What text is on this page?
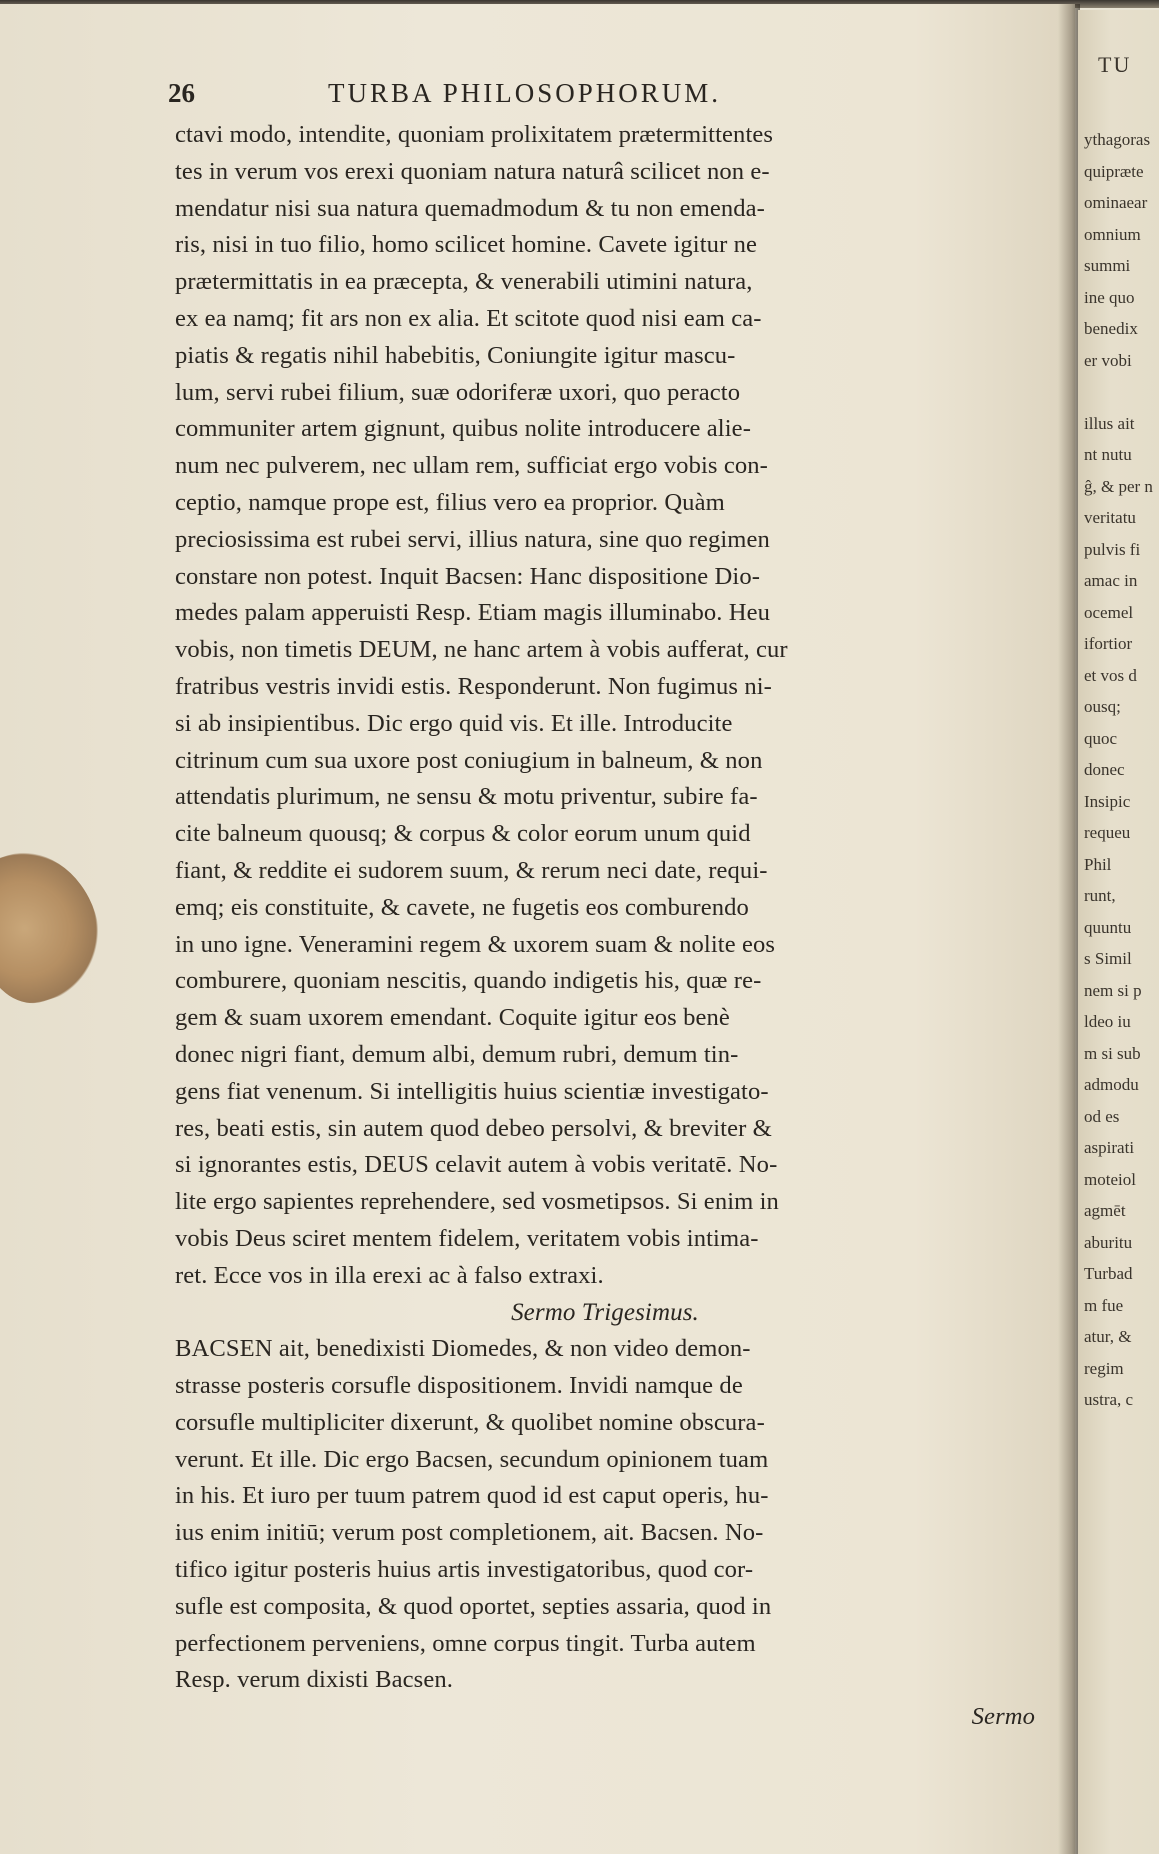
TU
ythagoras
quipræte
ominaear
omnium
summi
ine quo
benedix
er vobi
illus ait
nt nutu
ĝ, & per n
veritatu
pulvis fi
amac in
ocemel
ifortior
et vos d
ousq;
quoc
donec
Insipic
requeu
Phil
runt,
quuntu
s Simil
nem si p
ldeo iu
m si sub
admodu
od es
aspirati
moteiol
agmēt
aburitu
Turbad
m fue
atur, &
regim
ustra, c
26	TURBA PHILOSOPHORUM.
ctavi modo, intendite, quoniam prolixitatem prætermittentes
tes in verum vos erexi quoniam natura naturâ scilicet non e-
mendatur nisi sua natura quemadmodum & tu non emenda-
ris, nisi in tuo filio, homo scilicet homine. Cavete igitur ne
prætermittatis in ea præcepta, & venerabili utimini natura,
ex ea namq; fit ars non ex alia. Et scitote quod nisi eam ca-
piatis & regatis nihil habebitis, Coniungite igitur mascu-
lum, servi rubei filium, suæ odoriferæ uxori, quo peracto
communiter artem gignunt, quibus nolite introducere alie-
num nec pulverem, nec ullam rem, sufficiat ergo vobis con-
ceptio, namque prope est, filius vero ea proprior. Quàm
preciosissima est rubei servi, illius natura, sine quo regimen
constare non potest. Inquit Bacsen: Hanc dispositione Dio-
medes palam apperuisti Resp. Etiam magis illuminabo. Heu
vobis, non timetis DEUM, ne hanc artem à vobis aufferat, cur
fratribus vestris invidi estis. Responderunt. Non fugimus ni-
si ab insipientibus. Dic ergo quid vis. Et ille. Introducite
citrinum cum sua uxore post coniugium in balneum, & non
attendatis plurimum, ne sensu & motu priventur, subire fa-
cite balneum quousq; & corpus & color eorum unum quid
fiant, & reddite ei sudorem suum, & rerum neci date, requi-
emq; eis constituite, & cavete, ne fugetis eos comburendo
in uno igne. Veneramini regem & uxorem suam & nolite eos
comburere, quoniam nescitis, quando indigetis his, quæ re-
gem & suam uxorem emendant. Coquite igitur eos benè
donec nigri fiant, demum albi, demum rubri, demum tin-
gens fiat venenum. Si intelligitis huius scientiæ investigato-
res, beati estis, sin autem quod debeo persolvi, & breviter &
si ignorantes estis, DEUS celavit autem à vobis veritatē. No-
lite ergo sapientes reprehendere, sed vosmetipsos. Si enim in
vobis Deus sciret mentem fidelem, veritatem vobis intima-
ret. Ecce vos in illa erexi ac à falso extraxi.
Sermo Trigesimus.
BACSEN ait, benedixisti Diomedes, & non video demon-
strasse posteris corsufle dispositionem. Invidi namque de
corsufle multipliciter dixerunt, & quolibet nomine obscura-
verunt. Et ille. Dic ergo Bacsen, secundum opinionem tuam
in his. Et iuro per tuum patrem quod id est caput operis, hu-
ius enim initiū; verum post completionem, ait. Bacsen. No-
tifico igitur posteris huius artis investigatoribus, quod cor-
sufle est composita, & quod oportet, septies assaria, quod in
perfectionem perveniens, omne corpus tingit. Turba autem
Resp. verum dixisti Bacsen.
Sermo
